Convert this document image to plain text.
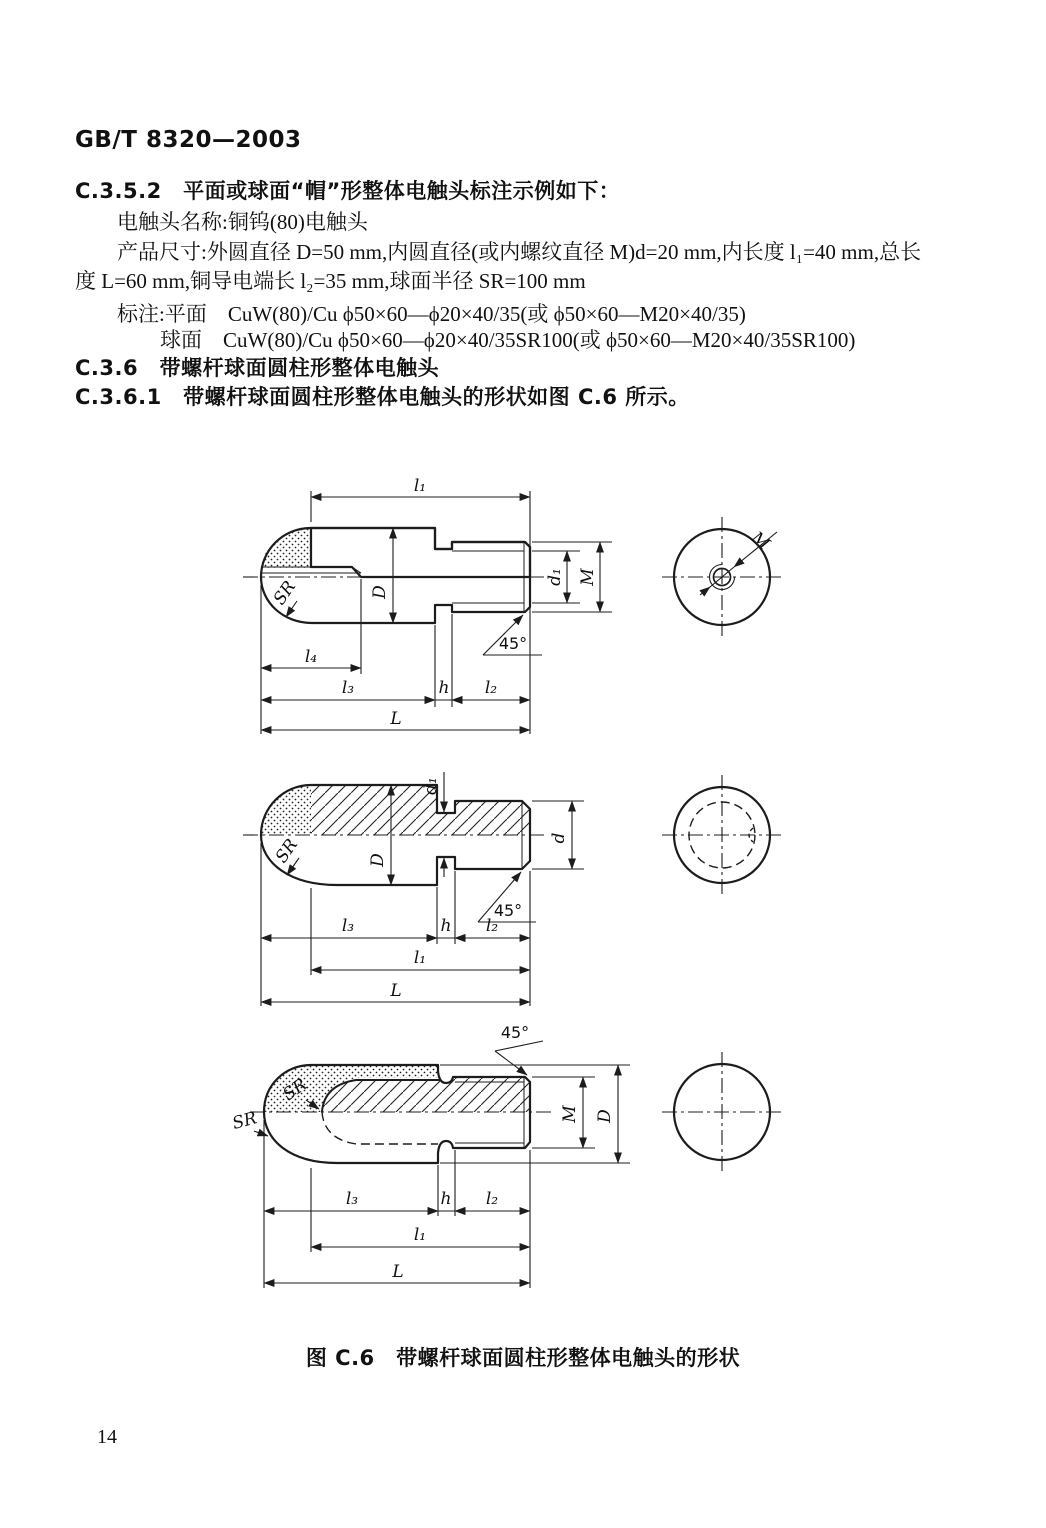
GB/T 8320—2003
C.3.5.2　平面或球面“帽”形整体电触头标注示例如下：
电触头名称:铜钨(80)电触头
产品尺寸:外圆直径 D=50 mm,内圆直径(或内螺纹直径 M)d=20 mm,内长度 l₁=40 mm,总长
度 L=60 mm,铜导电端长 l₂=35 mm,球面半径 SR=100 mm
标注:平面　CuW(80)/Cu ϕ50×60—ϕ20×40/35(或 ϕ50×60—M20×40/35)
球面　CuW(80)/Cu ϕ50×60—ϕ20×40/35SR100(或 ϕ50×60—M20×40/35SR100)
C.3.6　带螺杆球面圆柱形整体电触头
C.3.6.1　带螺杆球面圆柱形整体电触头的形状如图 C.6 所示。
l₁
SR	D
d₁ M
45°
l₄
l₃	h l₂
L
M
d₁
SR	D
d
45°
l₃	h l₂
l₁
L
45°
SR
SR	M D
l₃	h l₂
l₁
L
图 C.6　带螺杆球面圆柱形整体电触头的形状
14
